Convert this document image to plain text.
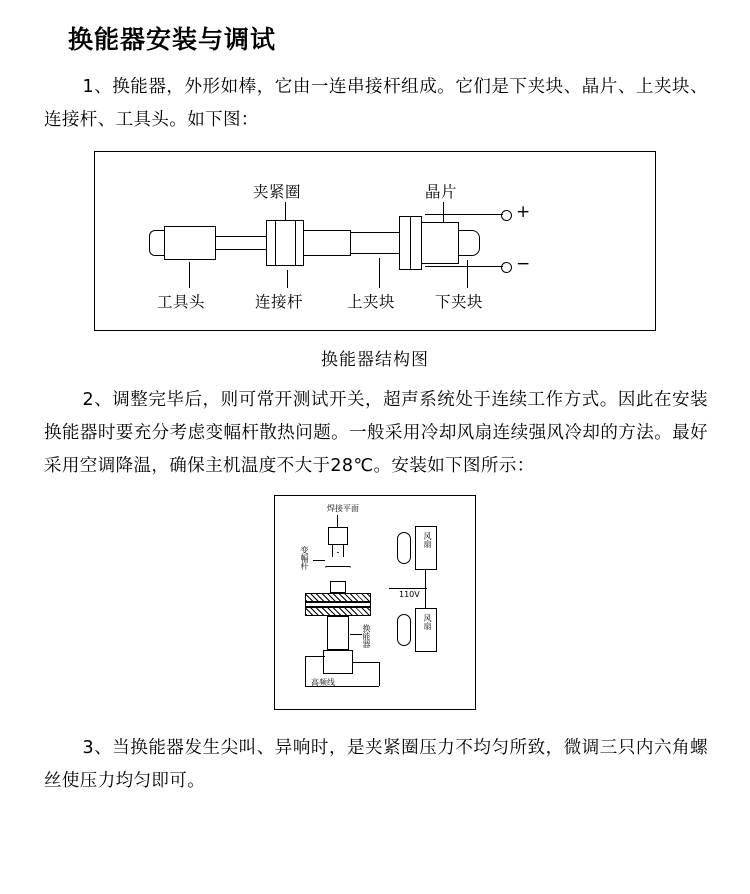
换能器安装与调试

1、换能器，外形如棒，它由一连串接杆组成。它们是下夹块、晶片、上夹块、连接杆、工具头。如下图：

夹紧圈	晶片
+
−
工具头	连接杆	上夹块	下夹块
换能器结构图

2、调整完毕后，则可常开测试开关，超声系统处于连续工作方式。因此在安装换能器时要充分考虑变幅杆散热问题。一般采用冷却风扇连续强风冷却的方法。最好采用空调降温，确保主机温度不大于28℃。安装如下图所示：

焊接平面
变幅杆
换能器
高频线
风扇
风扇
110V

3、当换能器发生尖叫、异响时，是夹紧圈压力不均匀所致，微调三只内六角螺丝使压力均匀即可。
